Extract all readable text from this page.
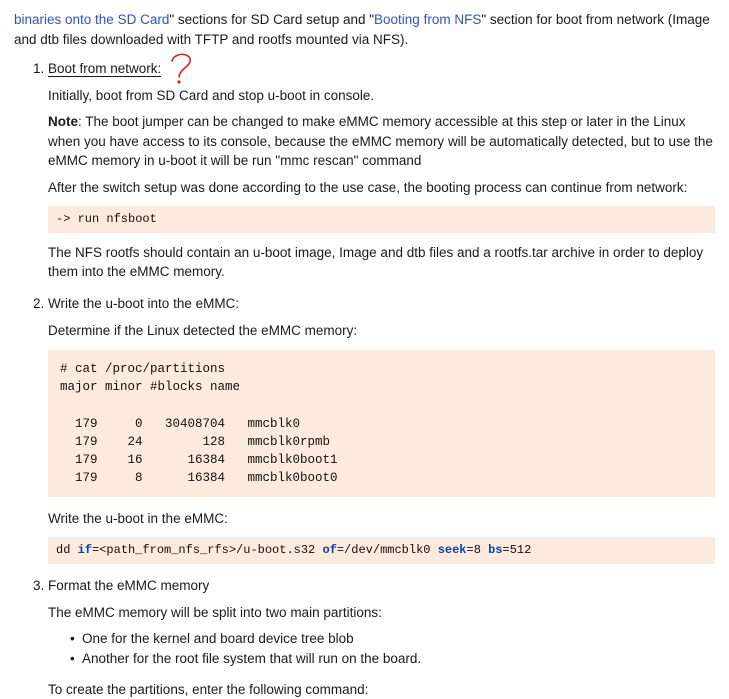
binaries onto the SD Card" sections for SD Card setup and "Booting from NFS" section for boot from network (Image and dtb files downloaded with TFTP and rootfs mounted via NFS).

1. Boot from network:

Initially, boot from SD Card and stop u-boot in console.

Note: The boot jumper can be changed to make eMMC memory accessible at this step or later in the Linux when you have access to its console, because the eMMC memory will be automatically detected, but to use the eMMC memory in u-boot it will be run "mmc rescan" command

After the switch setup was done according to the use case, the booting process can continue from network:

-> run nfsboot

The NFS rootfs should contain an u-boot image, Image and dtb files and a rootfs.tar archive in order to deploy them into the eMMC memory.

2. Write the u-boot into the eMMC:

Determine if the Linux detected the eMMC memory:

# cat /proc/partitions
major minor #blocks name

179     0   30408704   mmcblk0
179    24        128   mmcblk0rpmb
179    16      16384   mmcblk0boot1
179     8      16384   mmcblk0boot0

Write the u-boot in the eMMC:

dd if=<path_from_nfs_rfs>/u-boot.s32 of=/dev/mmcblk0 seek=8 bs=512
3. Format the eMMC memory

The eMMC memory will be split into two main partitions:

• One for the kernel and board device tree blob
• Another for the root file system that will run on the board.

To create the partitions, enter the following command:
